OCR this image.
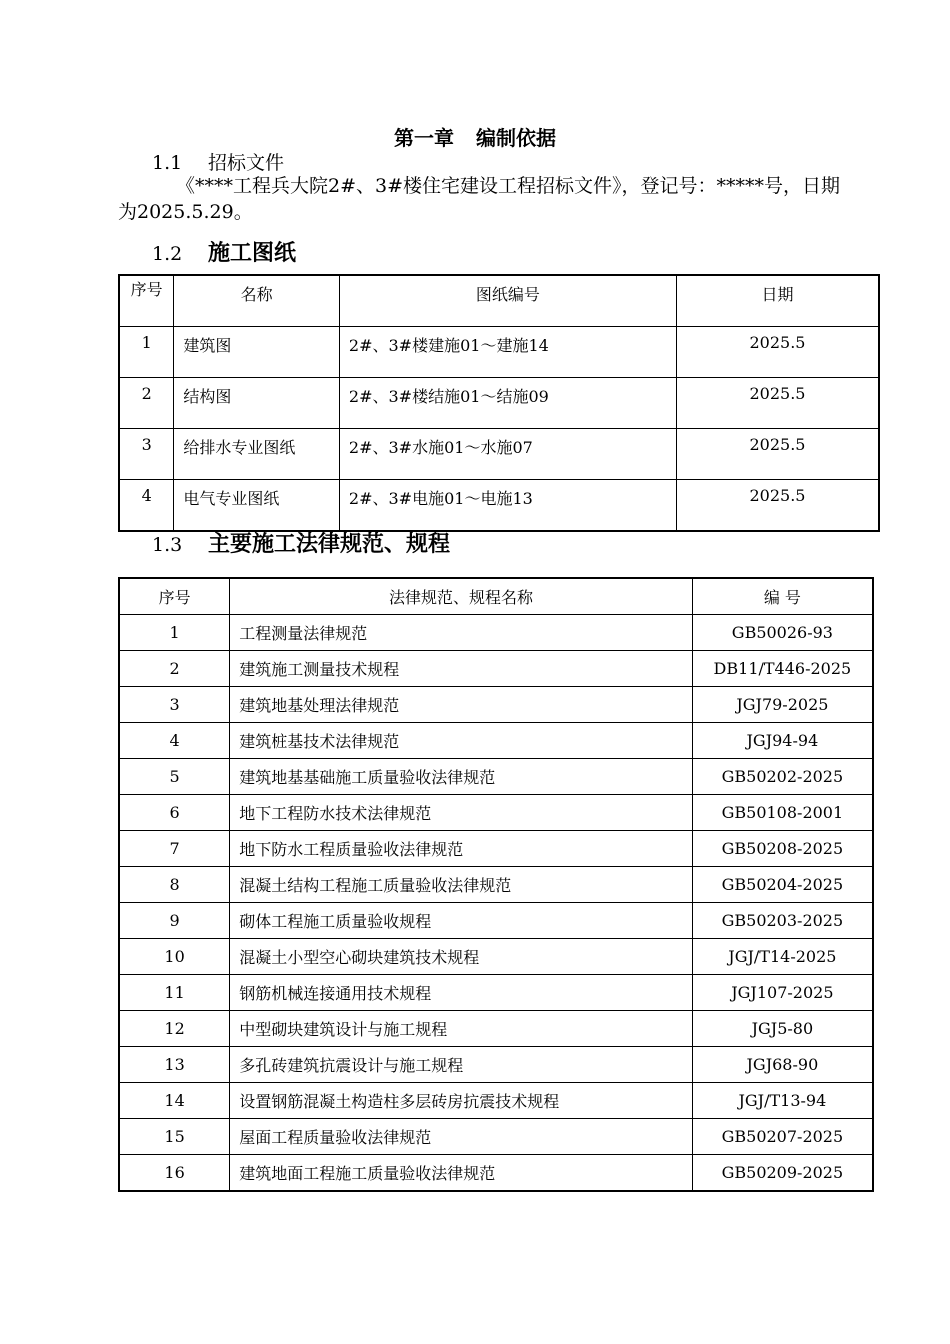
第一章 编制依据
1.1 招标文件
《****工程兵大院2#、3#楼住宅建设工程招标文件》，登记号：*****号，日期为2025.5.29。
1.2 施工图纸
序号	名称	图纸编号	日期
1	建筑图	2#、3#楼建施01～建施14	2025.5
2	结构图	2#、3#楼结施01～结施09	2025.5
3	给排水专业图纸	2#、3#水施01～水施07	2025.5
4	电气专业图纸	2#、3#电施01～电施13	2025.5
1.3 主要施工法律规范、规程
序号	法律规范、规程名称	编 号
1	工程测量法律规范	GB50026-93
2	建筑施工测量技术规程	DB11/T446-2025
3	建筑地基处理法律规范	JGJ79-2025
4	建筑桩基技术法律规范	JGJ94-94
5	建筑地基基础施工质量验收法律规范	GB50202-2025
6	地下工程防水技术法律规范	GB50108-2001
7	地下防水工程质量验收法律规范	GB50208-2025
8	混凝土结构工程施工质量验收法律规范	GB50204-2025
9	砌体工程施工质量验收规程	GB50203-2025
10	混凝土小型空心砌块建筑技术规程	JGJ/T14-2025
11	钢筋机械连接通用技术规程	JGJ107-2025
12	中型砌块建筑设计与施工规程	JGJ5-80
13	多孔砖建筑抗震设计与施工规程	JGJ68-90
14	设置钢筋混凝土构造柱多层砖房抗震技术规程	JGJ/T13-94
15	屋面工程质量验收法律规范	GB50207-2025
16	建筑地面工程施工质量验收法律规范	GB50209-2025
